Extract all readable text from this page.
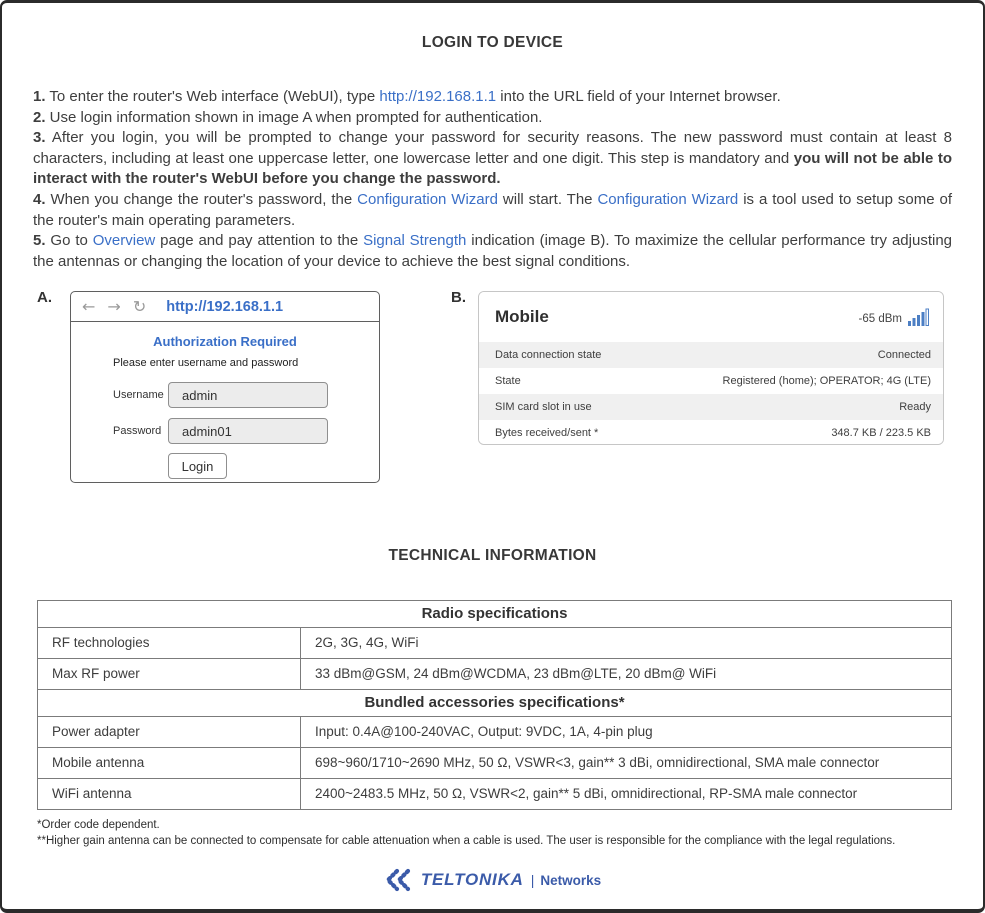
LOGIN TO DEVICE

1. To enter the router's Web interface (WebUI), type http://192.168.1.1 into the URL field of your Internet browser.

2. Use login information shown in image A when prompted for authentication.

3. After you login, you will be prompted to change your password for security reasons. The new password must contain at least 8 characters, including at least one uppercase letter, one lowercase letter and one digit. This step is mandatory and you will not be able to interact with the router's WebUI before you change the password.

4. When you change the router's password, the Configuration Wizard will start. The Configuration Wizard is a tool used to setup some of the router's main operating parameters.

5. Go to Overview page and pay attention to the Signal Strength indication (image B). To maximize the cellular performance try adjusting the antennas or changing the location of your device to achieve the best signal conditions.

A. ← → ↻ http://192.168.1.1
Authorization Required
Please enter username and password
Username
admin
Password
admin01
Login
B.
Mobile	-65 dBm
Data connection state	Connected
State	Registered (home); OPERATOR; 4G (LTE)
SIM card slot in use	Ready
Bytes received/sent *	348.7 KB / 223.5 KB
TECHNICAL INFORMATION
Radio specifications	
RF technologies	2G, 3G, 4G, WiFi
Max RF power	33 dBm@GSM, 24 dBm@WCDMA, 23 dBm@LTE, 20 dBm@ WiFi
Bundled accessories specifications*	
Power adapter	Input: 0.4A@100-240VAC, Output: 9VDC, 1A, 4-pin plug
Mobile antenna	698~960/1710~2690 MHz, 50 Ω, VSWR<3, gain** 3 dBi, omnidirectional, SMA male connector
WiFi antenna	2400~2483.5 MHz, 50 Ω, VSWR<2, gain** 5 dBi, omnidirectional, RP-SMA male connector
*Order code dependent.
**Higher gain antenna can be connected to compensate for cable attenuation when a cable is used. The user is responsible for the compliance with the legal regulations.
TELTONIKA | Networks
